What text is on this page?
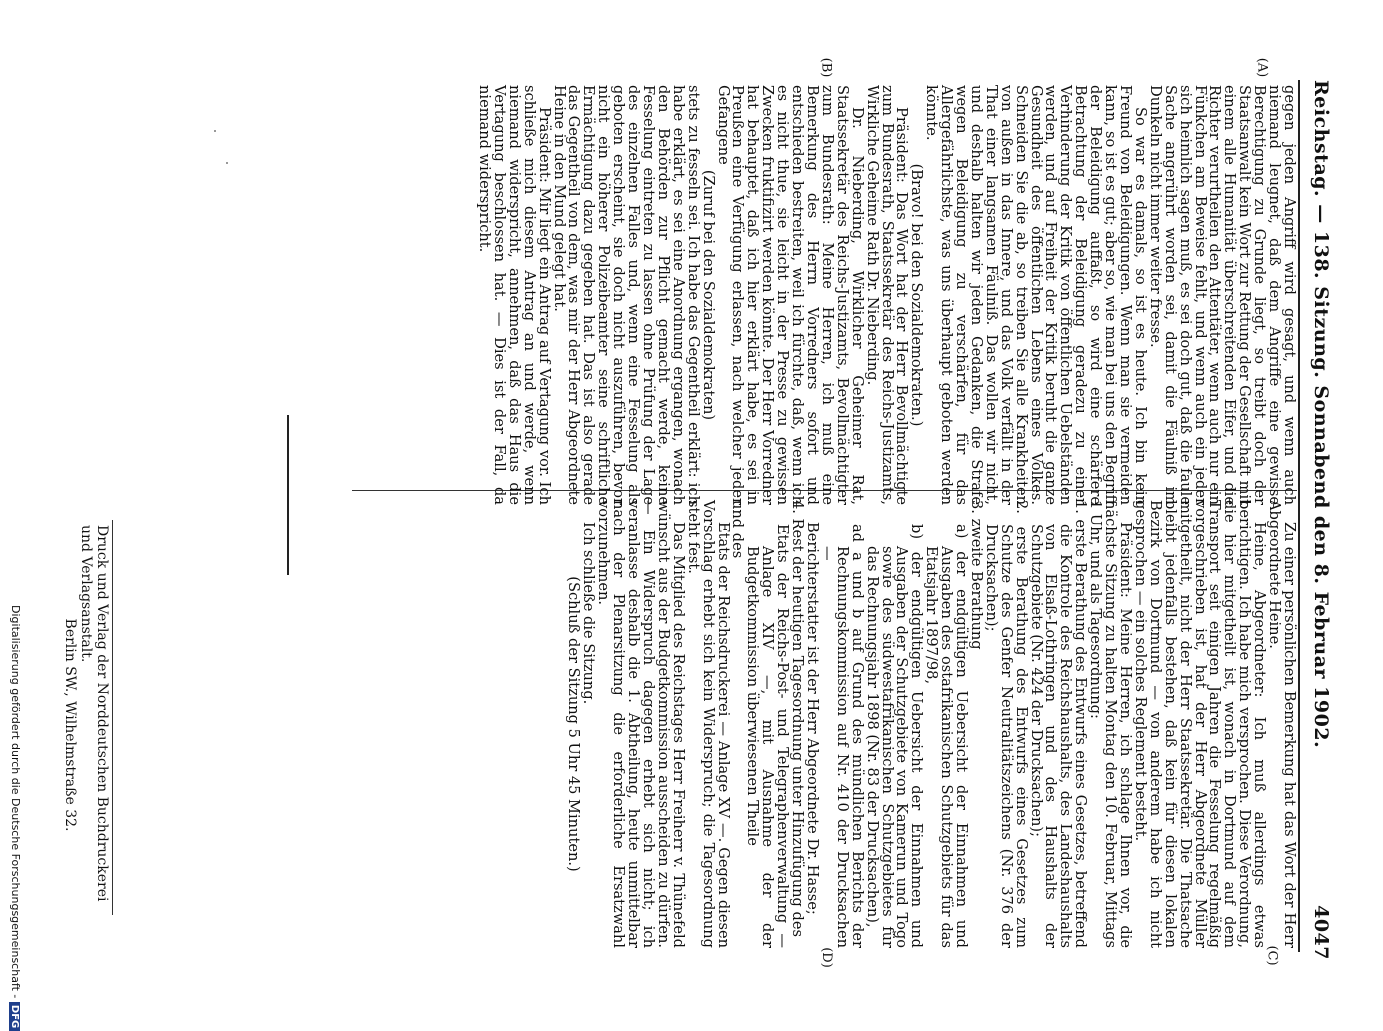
Reichstag. — 138. Sitzung. Sonnabend den 8. Februar 1902.
4047
(A)
(B)
(C)
(D)

gegen jeden Angriff wird gesagt, und wenn auch niemand leugnet, daß dem Angriffe eine gewisse Berechtigung zu Grunde liegt, so treibt doch der Staatsanwalt kein Wort zur Rettung der Gesellschaft mit einem alle Humanität überschreitenden Eifer, und die Richter verurtheilen den Attentäter, wenn auch nur ein Fünkchen am Beweise fehlt, und wenn auch ein jeder sich heimlich sagen muß, es sei doch gut, daß die faule Sache angerührt worden sei, damit die Fäulniß im Dunkeln nicht immer weiter fresse.

So war es damals, so ist es heute. Ich bin kein Freund von Beleidigungen. Wenn man sie vermeiden kann, so ist es gut; aber so, wie man bei uns den Begriff der Beleidigung auffaßt, so wird eine schärfere Betrachtung der Beleidigung geradezu zu einer Verhinderung der Kritik von öffentlichen Uebelständen werden, und auf Freiheit der Kritik beruht die ganze Gesundheit des öffentlichen Lebens eines Volkes. Schneiden Sie die ab, so treiben Sie alle Krankheiten von außen in das Innere, und das Volk verfällt in der That einer langsamen Fäulniß. Das wollen wir nicht, und deshalb halten wir jeden Gedanken, die Strafe wegen Beleidigung zu verschärfen, für das Allergefährlichste, was uns überhaupt geboten werden könnte.

(Bravo! bei den Sozialdemokraten.)

Präsident: Das Wort hat der Herr Bevollmächtigte zum Bundesrath, Staatssekretär des Reichs-Justizamts, Wirkliche Geheime Rath Dr. Nieberding.

Dr. Nieberding, Wirklicher Geheimer Rat, Staatssekretär des Reichs-Justizamts, Bevollmächtigter zum Bundesrath: Meine Herren, ich muß eine Bemerkung des Herrn Vorredners sofort und entschieden bestreiten, weil ich fürchte, daß, wenn ich es nicht thue, sie leicht in der Presse zu gewissen Zwecken fruktifizirt werden könnte. Der Herr Vorredner hat behauptet, daß ich hier erklärt habe, es sei in Preußen eine Verfügung erlassen, nach welcher jeder Gefangene

(Zuruf bei den Sozialdemokraten)

stets zu fesseln sei. Ich habe das Gegentheil erklärt: ich habe erklärt, es sei eine Anordnung ergangen, wonach den Behörden zur Pflicht gemacht werde, keine Fesselung eintreten zu lassen ohne Prüfung der Lage des einzelnen Falles und, wenn eine Fesselung als geboten erscheint, sie doch nicht auszuführen, bevor nicht ein höherer Polizeibeamter seine schriftliche Ermächtigung dazu gegeben hat. Das ist also gerade das Gegentheil von dem, was mir der Herr Abgeordnete Heine in den Mund gelegt hat.

Präsident: Mir liegt ein Antrag auf Vertagung vor. Ich schließe mich diesem Antrag an und werde, wenn niemand widerspricht, annehmen, daß das Haus die Vertagung beschlossen hat. — Dies ist der Fall, da niemand widerspricht.

Zu einer persönlichen Bemerkung hat das Wort der Herr Abgeordnete Heine.

Heine, Abgeordneter: Ich muß allerdings etwas berichtigen. Ich habe mich versprochen. Diese Verordnung, die hier mitgetheilt ist, wonach in Dortmund auf dem Transport seit einigen Jahren die Fesselung regelmäßig vorgeschrieben ist, hat der Herr Abgeordnete Müller mitgetheilt, nicht der Herr Staatssekretär. Die Thatsache bleibt jedenfalls bestehen, daß kein für diesen lokalen Bezirk von Dortmund — von anderem habe ich nicht gesprochen — ein solches Reglement besteht.

Präsident: Meine Herren, ich schlage Ihnen vor, die nächste Sitzung zu halten Montag den 10. Februar, Mittags 1 Uhr, und als Tagesordnung:

1. erste Berathung des Entwurfs eines Gesetzes, betreffend die Kontrole des Reichshaushalts, des Landeshaushalts von Elsaß-Lothringen und des Haushalts der Schutzgebiete (Nr. 424 der Drucksachen);

2. erste Berathung des Entwurfs eines Gesetzes zum Schutze des Genfer Neutralitätszeichens (Nr. 376 der Drucksachen);

3. zweite Berathung

a) der endgültigen Uebersicht der Einnahmen und Ausgaben des ostafrikanischen Schutzgebiets für das Etatsjahr 1897/98,

b) der endgültigen Uebersicht der Einnahmen und Ausgaben der Schutzgebiete von Kamerun und Togo sowie des südwestafrikanischen Schutzgebietes für das Rechnungsjahr 1898 (Nr. 83 der Drucksachen),

ad a und b auf Grund des mündlichen Berichts der Rechnungskommission auf Nr. 410 der Drucksachen —

Berichterstatter ist der Herr Abgeordnete Dr. Hasse;

4. Rest der heutigen Tagesordnung unter Hinzufügung des

Etats der Reichs-Post- und Telegraphenverwaltung — Anlage XIV —, mit Ausnahme der der Budgetkommission überwiesenen Theile

und des

Etats der Reichsdruckerei — Anlage XV —. Gegen diesen Vorschlag erhebt sich kein Widerspruch; die Tagesordnung steht fest.

Das Mitglied des Reichstages Herr Freiherr v. Thünefeld wünscht aus der Budgetkommission ausscheiden zu dürfen. — Ein Widerspruch dagegen erhebt sich nicht; ich veranlasse deshalb die 1. Abtheilung, heute unmittelbar nach der Plenarsitzung die erforderliche Ersatzwahl vorzunehmen.

Ich schließe die Sitzung.

(Schluß der Sitzung 5 Uhr 45 Minuten.)

Druck und Verlag der Norddeutschen Buchdruckerei und Verlagsanstalt.
Berlin SW., Wilhelmstraße 32.
Digitalisierung gefördert durch die Deutsche Forschungsgemeinschaft - DFG
